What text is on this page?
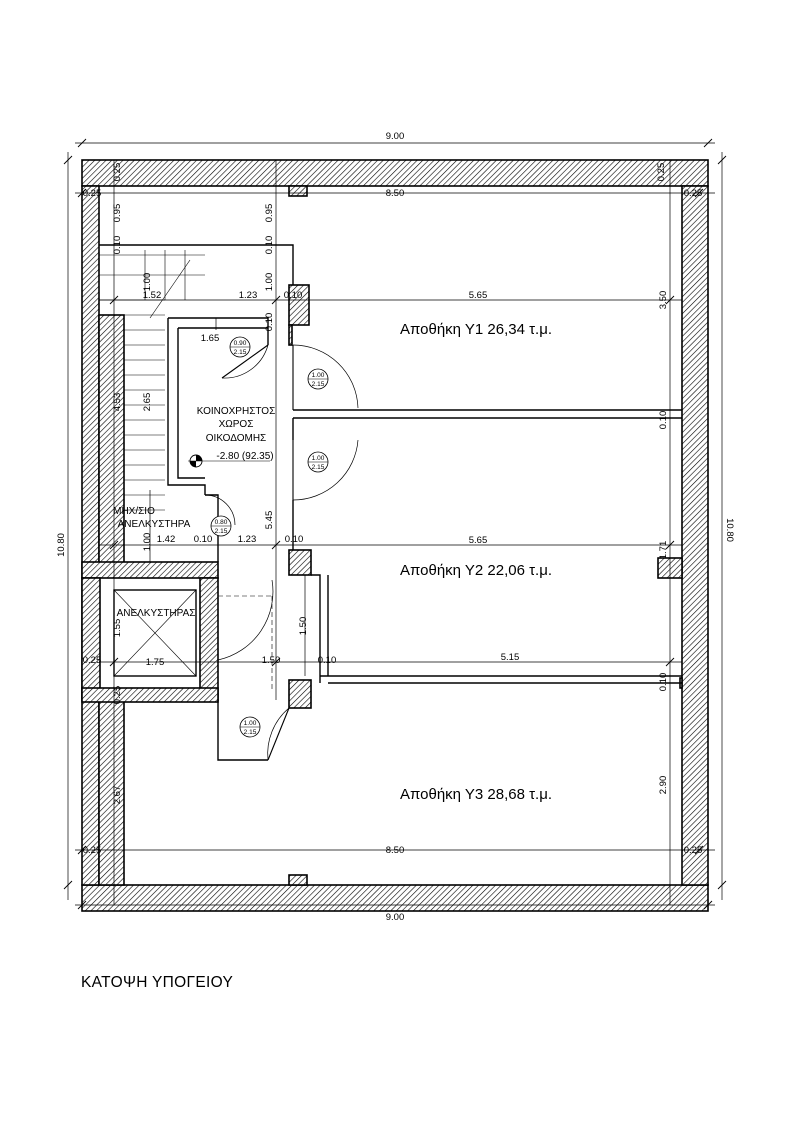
9.00
8.50
8.50
9.00
10.80
10.80
5.65
5.65
5.15
3.50
2.90
1.71
0.25	0.25
0.25	0.25
0.25	0.25
0.25
0.25
0.95	0.95
0.10	0.10
1.00	1.00
1.52	1.23	0.10
0.10
1.65
4.53 2.65
5.45
1.42 0.10	1.23	0.10
1.00
1.55
1.75	1.50
1.50
0.10
2.67
0.10
0.10
0.90
2.15
1.00
2.15
1.00
2.15
0.80
2.15
1.00
2.15
ΚΟΙΝΟΧΡΗΣΤΟΣ
ΧΩΡΟΣ
ΟΙΚΟΔΟΜΗΣ
-2.80 (92.35)
ΜΗΧ/ΣΙΟ
ΑΝΕΛΚΥΣΤΗΡΑ
ΑΝΕΛΚΥΣΤΗΡΑΣ
Αποθήκη Υ1 26,34 τ.μ.
Αποθήκη Υ2 22,06 τ.μ.
Αποθήκη Υ3 28,68 τ.μ.
ΚΑΤΟΨΗ ΥΠΟΓΕΙΟΥ
